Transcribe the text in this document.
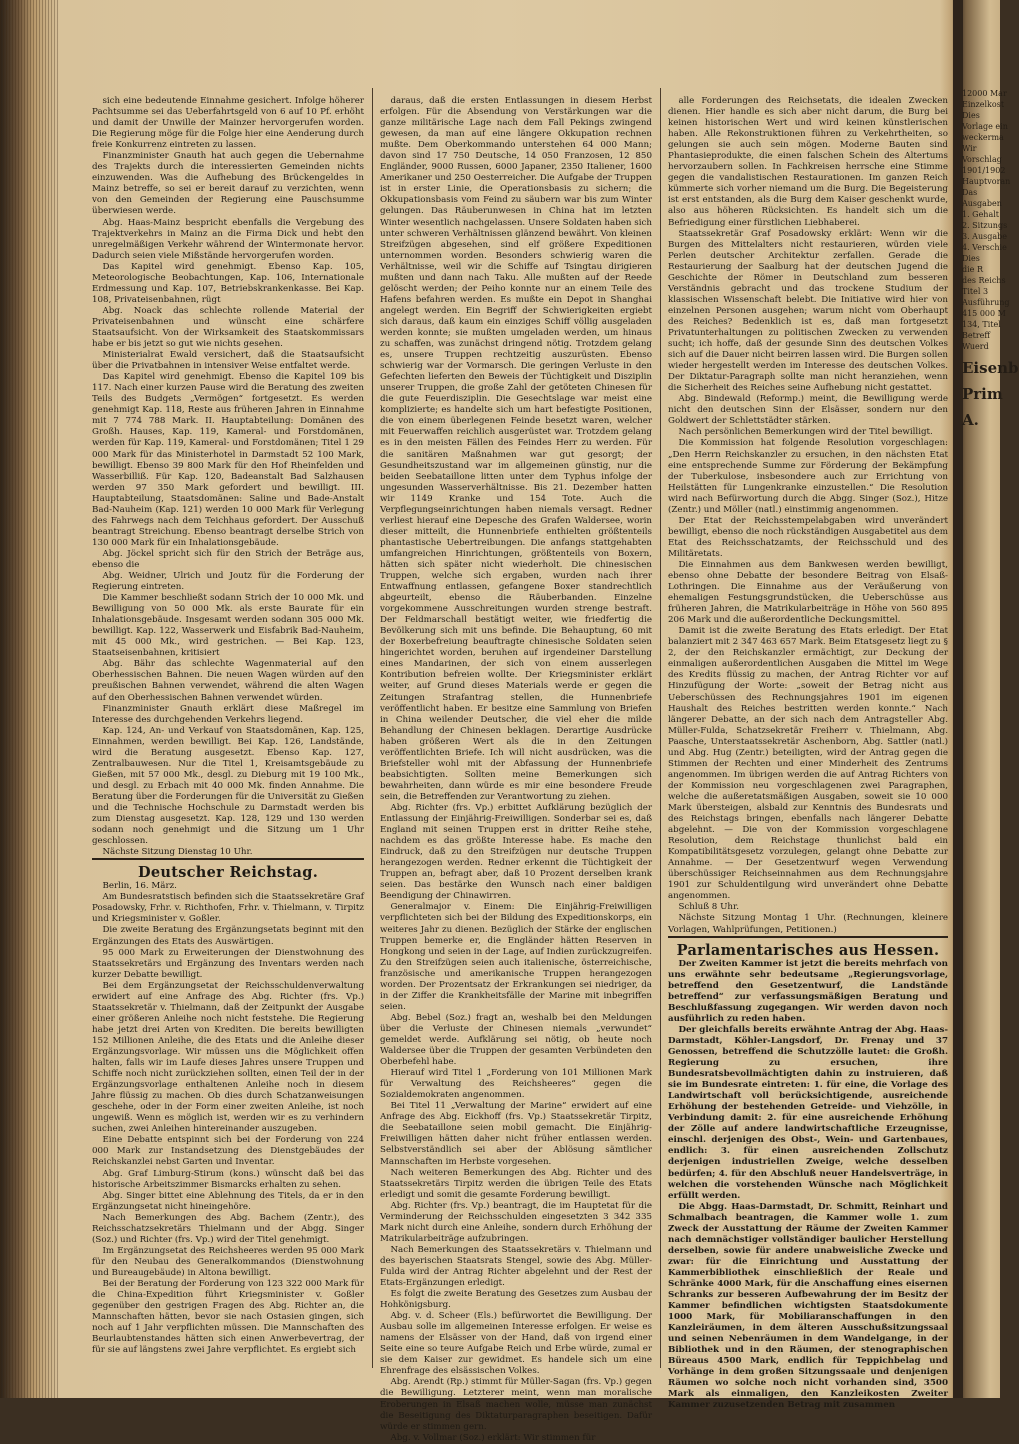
sich eine bedeutende Einnahme gesichert. Infolge höherer Pachtsumme sei das Ueberfahrtsgeld von 6 auf 10 Pf. erhöht und damit der Unwille der Mainzer hervorgerufen worden. Die Regierung möge für die Folge hier eine Aenderung durch freie Konkurrenz eintreten zu lassen.

Finanzminister Gnauth hat auch gegen die Uebernahme des Trajekts durch die interessierten Gemeinden nichts einzuwenden. Was die Aufhebung des Brückengeldes in Mainz betreffe, so sei er bereit darauf zu verzichten, wenn von den Gemeinden der Regierung eine Pauschsumme überwiesen werde.

Abg. Haas-Mainz bespricht ebenfalls die Vergebung des Trajektverkehrs in Mainz an die Firma Dick und hebt den unregelmäßigen Verkehr während der Wintermonate hervor. Dadurch seien viele Mißstände hervorgerufen worden.

Das Kapitel wird genehmigt. Ebenso Kap. 105, Meteorologische Beobachtungen, Kap. 106, Internationale Erdmessung und Kap. 107, Betriebskrankenkasse. Bei Kap. 108, Privateisenbahnen, rügt

Abg. Noack das schlechte rollende Material der Privateisenbahnen und wünscht eine schärfere Staatsaufsicht. Von der Wirksamkeit des Staatskommissars habe er bis jetzt so gut wie nichts gesehen.

Ministerialrat Ewald versichert, daß die Staatsaufsicht über die Privatbahnen in intensiver Weise entfaltet werde.

Das Kapitel wird genehmigt. Ebenso die Kapitel 109 bis 117. Nach einer kurzen Pause wird die Beratung des zweiten Teils des Budgets „Vermögen“ fortgesetzt. Es werden genehmigt Kap. 118, Reste aus früheren Jahren in Einnahme mit 7 774 788 Mark. II. Hauptabteilung: Domänen des Großh. Hauses, Kap. 119, Kameral- und Forstdomänen, werden für Kap. 119, Kameral- und Forstdomänen; Titel 1 29 000 Mark für das Ministerhotel in Darmstadt 52 100 Mark, bewilligt. Ebenso 39 800 Mark für den Hof Rheinfelden und Wasserbilliß. Für Kap. 120, Badeanstalt Bad Salzhausen werden 97 350 Mark gefordert und bewilligt. III. Hauptabteilung, Staatsdomänen: Saline und Bade-Anstalt Bad-Nauheim (Kap. 121) werden 10 000 Mark für Verlegung des Fahrwegs nach dem Teichhaus gefordert. Der Ausschuß beantragt Streichung. Ebenso beantragt derselbe Strich von 130 000 Mark für ein Inhalationsgebäude.

Abg. Jöckel spricht sich für den Strich der Beträge aus, ebenso die

Abg. Weidner, Ulrich und Joutz für die Forderung der Regierung eintreten.

Die Kammer beschließt sodann Strich der 10 000 Mk. und Bewilligung von 50 000 Mk. als erste Baurate für ein Inhalationsgebäude. Insgesamt werden sodann 305 000 Mk. bewilligt. Kap. 122, Wasserwerk und Eisfabrik Bad-Nauheim, mit 45 000 Mk., wird gestrichen. — Bei Kap. 123, Staatseisenbahnen, kritisiert

Abg. Bähr das schlechte Wagenmaterial auf den Oberhessischen Bahnen. Die neuen Wagen würden auf den preußischen Bahnen verwendet, während die alten Wagen auf den Oberhessischen Bahnen verwendet würden.

Finanzminister Gnauth erklärt diese Maßregel im Interesse des durchgehenden Verkehrs liegend.

Kap. 124, An- und Verkauf von Staatsdomänen, Kap. 125, Einnahmen, werden bewilligt. Bei Kap. 126, Landstände, wird die Beratung ausgesetzt. Ebenso Kap. 127, Zentralbauwesen. Nur die Titel 1, Kreisamtsgebäude zu Gießen, mit 57 000 Mk., desgl. zu Dieburg mit 19 100 Mk., und desgl. zu Erbach mit 40 000 Mk. finden Annahme. Die Beratung über die Forderungen für die Universität zu Gießen und die Technische Hochschule zu Darmstadt werden bis zum Dienstag ausgesetzt. Kap. 128, 129 und 130 werden sodann noch genehmigt und die Sitzung um 1 Uhr geschlossen.

Nächste Sitzung Dienstag 10 Uhr.

Deutscher Reichstag.

Berlin, 16. März.

Am Bundesratstisch befinden sich die Staatssekretäre Graf Posadowsky, Frhr. v. Richthofen, Frhr. v. Thielmann, v. Tirpitz und Kriegsminister v. Goßler.

Die zweite Beratung des Ergänzungsetats beginnt mit den Ergänzungen des Etats des Auswärtigen.

95 000 Mark zu Erweiterungen der Dienstwohnung des Staatssekretärs und Ergänzung des Inventars werden nach kurzer Debatte bewilligt.

Bei dem Ergänzungsetat der Reichsschuldenverwaltung erwidert auf eine Anfrage des Abg. Richter (frs. Vp.) Staatssekretär v. Thielmann, daß der Zeitpunkt der Ausgabe einer größeren Anleihe noch nicht feststehe. Die Regierung habe jetzt drei Arten von Krediten. Die bereits bewilligten 152 Millionen Anleihe, die des Etats und die Anleihe dieser Ergänzungsvorlage. Wir müssen uns die Möglichkeit offen halten, falls wir im Laufe dieses Jahres unsere Truppen und Schiffe noch nicht zurückziehen sollten, einen Teil der in der Ergänzungsvorlage enthaltenen Anleihe noch in diesem Jahre flüssig zu machen. Ob dies durch Schatzanweisungen geschehe, oder in der Form einer zweiten Anleihe, ist noch ungewiß. Wenn es möglich ist, werden wir es zu verhindern suchen, zwei Anleihen hintereinander auszugeben.

Eine Debatte entspinnt sich bei der Forderung von 224 000 Mark zur Instandsetzung des Dienstgebäudes der Reichskanzlei nebst Garten und Inventar.

Abg. Graf Limburg-Stirum (kons.) wünscht daß bei das historische Arbeitszimmer Bismarcks erhalten zu sehen.

Abg. Singer bittet eine Ablehnung des Titels, da er in den Ergänzungsetat nicht hineingehöre.

Nach Bemerkungen des Abg. Bachem (Zentr.), des Reichsschatzsekretärs Thielmann und der Abgg. Singer (Soz.) und Richter (frs. Vp.) wird der Titel genehmigt.

Im Ergänzungsetat des Reichsheeres werden 95 000 Mark für den Neubau des Generalkommandos (Dienstwohnung und Bureaugebäude) in Altona bewilligt.

Bei der Beratung der Forderung von 123 322 000 Mark für die China-Expedition führt Kriegsminister v. Goßler gegenüber den gestrigen Fragen des Abg. Richter an, die Mannschaften hätten, bevor sie nach Ostasien gingen, sich noch auf 1 Jahr verpflichten müssen. Die Mannschaften des Beurlaubtenstandes hätten sich einen Anwerbevertrag, der für sie auf längstens zwei Jahre verpflichtet. Es ergiebt sich

daraus, daß die ersten Entlassungen in diesem Herbst erfolgen. Für die Absendung von Verstärkungen war die ganze militärische Lage nach dem Fall Pekings zwingend gewesen, da man auf eine längere Okkupation rechnen mußte. Dem Oberkommando unterstehen 64 000 Mann; davon sind 17 750 Deutsche, 14 050 Franzosen, 12 850 Engländer, 9000 Russen, 6000 Japaner, 2350 Italiener, 1600 Amerikaner und 250 Oesterreicher. Die Aufgabe der Truppen ist in erster Linie, die Operationsbasis zu sichern; die Okkupationsbasis vom Feind zu säubern war bis zum Winter gelungen. Das Räuberunwesen in China hat im letzten Winter wesentlich nachgelassen. Unsere Soldaten haben sich unter schweren Verhältnissen glänzend bewährt. Von kleinen Streifzügen abgesehen, sind elf größere Expeditionen unternommen worden. Besonders schwierig waren die Verhältnisse, weil wir die Schiffe auf Tsingtau dirigieren mußten und dann nach Taku. Alle mußten auf der Reede gelöscht werden; der Peiho konnte nur an einem Teile des Hafens befahren werden. Es mußte ein Depot in Shanghai angelegt werden. Ein Begriff der Schwierigkeiten ergiebt sich daraus, daß kaum ein einziges Schiff völlig ausgeladen werden konnte; sie mußten umgeladen werden, um hinaus zu schaffen, was zunächst dringend nötig. Trotzdem gelang es, unsere Truppen rechtzeitig auszurüsten. Ebenso schwierig war der Vormarsch. Die geringen Verluste in den Gefechten lieferten den Beweis der Tüchtigkeit und Disziplin unserer Truppen, die große Zahl der getöteten Chinesen für die gute Feuerdisziplin. Die Gesechtslage war meist eine komplizierte; es handelte sich um hart befestigte Positionen, die von einem überlegenen Feinde besetzt waren, welcher mit Feuerwaffen reichlich ausgerüstet war. Trotzdem gelang es in den meisten Fällen des Feindes Herr zu werden. Für die sanitären Maßnahmen war gut gesorgt; der Gesundheitszustand war im allgemeinen günstig, nur die beiden Seebataillone litten unter dem Typhus infolge der ungesunden Wasserverhältnisse. Bis 21. Dezember hatten wir 1149 Kranke und 154 Tote. Auch die Verpflegungseinrichtungen haben niemals versagt. Redner verliest hierauf eine Depesche des Grafen Waldersee, worin dieser mitteilt, die Hunnenbriefe enthielten größtenteils phantastische Uebertreibungen. Die anfangs stattgehabten umfangreichen Hinrichtungen, größtenteils von Boxern, hätten sich später nicht wiederholt. Die chinesischen Truppen, welche sich ergaben, wurden nach ihrer Entwaffnung entlassen, gefangene Boxer standrechtlich abgeurteilt, ebenso die Räuberbanden. Einzelne vorgekommene Ausschreitungen wurden strenge bestraft. Der Feldmarschall bestätigt weiter, wie friedfertig die Bevölkerung sich mit uns befinde. Die Behauptung, 60 mit der Boxerbefreiung beauftragte chinesische Soldaten seien hingerichtet worden, beruhen auf irgendeiner Darstellung eines Mandarinen, der sich von einem ausserlegen Kontribution befreien wollte. Der Kriegsminister erklärt weiter, auf Grund dieses Materials werde er gegen die Zeitungen Strafantrag stellen, die Hunnenbriefe veröffentlicht haben. Er besitze eine Sammlung von Briefen in China weilender Deutscher, die viel eher die milde Behandlung der Chinesen beklagen. Derartige Ausdrücke haben größeren Wert als die in den Zeitungen veröffentlichten Briefe. Ich will nicht ausdrücken, was die Briefsteller wohl mit der Abfassung der Hunnenbriefe beabsichtigten. Sollten meine Bemerkungen sich bewahrheiten, dann würde es mir eine besondere Freude sein, die Betreffenden zur Verantwortung zu ziehen.

Abg. Richter (frs. Vp.) erbittet Aufklärung bezüglich der Entlassung der Einjährig-Freiwilligen. Sonderbar sei es, daß England mit seinen Truppen erst in dritter Reihe stehe, nachdem es das größte Interesse habe. Es mache den Eindruck, daß zu den Streifzügen nur deutsche Truppen herangezogen werden. Redner erkennt die Tüchtigkeit der Truppen an, befragt aber, daß 10 Prozent derselben krank seien. Das bestärke den Wunsch nach einer baldigen Beendigung der Chinawirren.

Generalmajor v. Einem: Die Einjährig-Freiwilligen verpflichteten sich bei der Bildung des Expeditionskorps, ein weiteres Jahr zu dienen. Bezüglich der Stärke der englischen Truppen bemerke er, die Engländer hätten Reserven in Hongkong und seien in der Lage, auf Indien zurückzugreifen. Zu den Streifzügen seien auch italienische, österreichische, französische und amerikanische Truppen herangezogen worden. Der Prozentsatz der Erkrankungen sei niedriger, da in der Ziffer die Krankheitsfälle der Marine mit inbegriffen seien.

Abg. Bebel (Soz.) fragt an, weshalb bei den Meldungen über die Verluste der Chinesen niemals „verwundet“ gemeldet werde. Aufklärung sei nötig, ob heute noch Waldersee über die Truppen der gesamten Verbündeten den Oberbefehl habe.

Hierauf wird Titel 1 „Forderung von 101 Millionen Mark für Verwaltung des Reichsheeres“ gegen die Sozialdemokraten angenommen.

Bei Titel 11 „Verwaltung der Marine“ erwidert auf eine Anfrage des Abg. Eickhoff (frs. Vp.) Staatssekretär Tirpitz, die Seebataillone seien mobil gemacht. Die Einjährig-Freiwilligen hätten daher nicht früher entlassen werden. Selbstverständlich sei aber der Ablösung sämtlicher Mannschaften im Herbste vorgesehen.

Nach weiteren Bemerkungen des Abg. Richter und des Staatssekretärs Tirpitz werden die übrigen Teile des Etats erledigt und somit die gesamte Forderung bewilligt.

Abg. Richter (frs. Vp.) beantragt, die im Hauptetat für die Verminderung der Reichsschulden eingesetzten 3 342 335 Mark nicht durch eine Anleihe, sondern durch Erhöhung der Matrikularbeiträge aufzubringen.

Nach Bemerkungen des Staatssekretärs v. Thielmann und des bayerischen Staatsrats Stengel, sowie des Abg. Müller-Fulda wird der Antrag Richter abgelehnt und der Rest der Etats-Ergänzungen erledigt.

Es folgt die zweite Beratung des Gesetzes zum Ausbau der Hohkönigsburg.

Abg. v. d. Scheer (Els.) befürwortet die Bewilligung. Der Ausbau solle im allgemeinen Interesse erfolgen. Er weise es namens der Elsässer von der Hand, daß von irgend einer Seite eine so teure Aufgabe Reich und Erbe würde, zumal er sie dem Kaiser zur gewidmet. Es handele sich um eine Ehrenfrage des elsässischen Volkes.

Abg. Arendt (Rp.) stimmt für Müller-Sagan (frs. Vp.) gegen die Bewilligung. Letzterer meint, wenn man moralische Eroberungen in Elsaß machen wolle, müsse man zunächst die Beseitigung des Diktaturparagraphen beseitigen. Dafür würde er stimmen gern.

Abg. v. Vollmar (Soz.) erklärt: Wir stimmen für

alle Forderungen des Reichsetats, die idealen Zwecken dienen. Hier handle es sich aber nicht darum, die Burg bei keinen historischen Wert und wird keinen künstlerischen haben. Alle Rekonstruktionen führen zu Verkehrtheiten, so gelungen sie auch sein mögen. Moderne Bauten sind Phantasieprodukte, die einen falschen Schein des Altertums hervorzaubern sollen. In Fachkreisen herrsche eine Stimme gegen die vandalistischen Restaurationen. Im ganzen Reich kümmerte sich vorher niemand um die Burg. Die Begeisterung ist erst entstanden, als die Burg dem Kaiser geschenkt wurde, also aus höheren Rücksichten. Es handelt sich um die Befriedigung einer fürstlichen Liebhaberei.

Staatssekretär Graf Posadowsky erklärt: Wenn wir die Burgen des Mittelalters nicht restaurieren, würden viele Perlen deutscher Architektur zerfallen. Gerade die Restaurierung der Saalburg hat der deutschen Jugend die Geschichte der Römer in Deutschland zum besseren Verständnis gebracht und das trockene Studium der klassischen Wissenschaft belebt. Die Initiative wird hier von einzelnen Personen ausgehen; warum nicht vom Oberhaupt des Reiches? Bedenklich ist es, daß man fortgesetzt Privatunterhaltungen zu politischen Zwecken zu verwenden sucht; ich hoffe, daß der gesunde Sinn des deutschen Volkes sich auf die Dauer nicht beirren lassen wird. Die Burgen sollen wieder hergestellt werden im Interesse des deutschen Volkes. Der Diktatur-Paragraph sollte man nicht heranziehen, wenn die Sicherheit des Reiches seine Aufhebung nicht gestattet.

Abg. Bindewald (Reformp.) meint, die Bewilligung werde nicht den deutschen Sinn der Elsässer, sondern nur den Goldwert der Schlettstädter stärken.

Nach persönlichen Bemerkungen wird der Titel bewilligt.

Die Kommission hat folgende Resolution vorgeschlagen: „Den Herrn Reichskanzler zu ersuchen, in den nächsten Etat eine entsprechende Summe zur Förderung der Bekämpfung der Tuberkulose, insbesondere auch zur Errichtung von Heilstätten für Lungenkranke einzustellen.“ Die Resolution wird nach Befürwortung durch die Abgg. Singer (Soz.), Hitze (Zentr.) und Möller (natl.) einstimmig angenommen.

Der Etat der Reichsstempelabgaben wird unverändert bewilligt, ebenso die noch rückständigen Ausgabetitel aus dem Etat des Reichsschatzamts, der Reichsschuld und des Militäretats.

Die Einnahmen aus dem Bankwesen werden bewilligt, ebenso ohne Debatte der besondere Beitrag von Elsaß-Lothringen. Die Einnahme aus der Veräußerung von ehemaligen Festungsgrundstücken, die Ueberschüsse aus früheren Jahren, die Matrikularbeiträge in Höhe von 560 895 206 Mark und die außerordentliche Deckungsmittel.

Damit ist die zweite Beratung des Etats erledigt. Der Etat balanziert mit 2 347 463 657 Mark. Beim Etatsgesetz liegt zu § 2, der den Reichskanzler ermächtigt, zur Deckung der einmaligen außerordentlichen Ausgaben die Mittel im Wege des Kredits flüssig zu machen, der Antrag Richter vor auf Hinzufügung der Worte: „soweit der Betrag nicht aus Ueberschüssen des Rechnungsjahres 1901 im eigenen Haushalt des Reiches bestritten werden konnte.“ Nach längerer Debatte, an der sich nach dem Antragsteller Abg. Müller-Fulda, Schatzsekretär Freiherr v. Thielmann, Abg. Paasche, Unterstaatssekretär Aschenborn, Abg. Sattler (natl.) und Abg. Hug (Zentr.) beteiligten, wird der Antrag gegen die Stimmen der Rechten und einer Minderheit des Zentrums angenommen. Im übrigen werden die auf Antrag Richters von der Kommission neu vorgeschlagenen zwei Paragraphen, welche die außeretatsmäßigen Ausgaben, soweit sie 10 000 Mark übersteigen, alsbald zur Kenntnis des Bundesrats und des Reichstags bringen, ebenfalls nach längerer Debatte abgelehnt. — Die von der Kommission vorgeschlagene Resolution, dem Reichstage thunlichst bald ein Kompatibilitätsgesetz vorzulegen, gelangt ohne Debatte zur Annahme. — Der Gesetzentwurf wegen Verwendung überschüssiger Reichseinnahmen aus dem Rechnungsjahre 1901 zur Schuldentilgung wird unverändert ohne Debatte angenommen.

Schluß 8 Uhr.

Nächste Sitzung Montag 1 Uhr. (Rechnungen, kleinere Vorlagen, Wahlprüfungen, Petitionen.)

Parlamentarisches aus Hessen.

Der Zweiten Kammer ist jetzt die bereits mehrfach von uns erwähnte sehr bedeutsame „Regierungsvorlage, betreffend den Gesetzentwurf, die Landstände betreffend“ zur verfassungsmäßigen Beratung und Beschlußfassung zugegangen. Wir werden davon noch ausführlich zu reden haben.

Der gleichfalls bereits erwähnte Antrag der Abg. Haas-Darmstadt, Köhler-Langsdorf, Dr. Frenay und 37 Genossen, betreffend die Schutzzölle lautet: die Großh. Regierung zu ersuchen, ihre Bundesratsbevollmächtigten dahin zu instruieren, daß sie im Bundesrate eintreten: 1. für eine, die Vorlage des Landwirtschaft voll berücksichtigende, ausreichende Erhöhung der bestehenden Getreide- und Viehzölle, in Verbindung damit: 2. für eine ausreichende Erhöhung der Zölle auf andere landwirtschaftliche Erzeugnisse, einschl. derjenigen des Obst-, Wein- und Gartenbaues, endlich: 3. für einen ausreichenden Zollschutz derjenigen industriellen Zweige, welche desselben bedürfen; 4. für den Abschluß neuer Handelsverträge, in welchen die vorstehenden Wünsche nach Möglichkeit erfüllt werden.

Die Abgg. Haas-Darmstadt, Dr. Schmitt, Reinhart und Schmalbach beantragen, die Kammer wolle 1. zum Zweck der Ausstattung der Räume der Zweiten Kammer nach demnächstiger vollständiger baulicher Herstellung derselben, sowie für andere unabweisliche Zwecke und zwar: für die Einrichtung und Ausstattung der Kammerbibliothek einschließlich der Reale und Schränke 4000 Mark, für die Anschaffung eines eisernen Schranks zur besseren Aufbewahrung der im Besitz der Kammer befindlichen wichtigsten Staatsdokumente 1000 Mark, für Mobiliaranschaffungen in den Kanzleiräumen, in dem älteren Ausschußsitzungssaal und seinen Nebenräumen in dem Wandelgange, in der Bibliothek und in den Räumen, der stenographischen Büreaus 4500 Mark, endlich für Teppichbelag und Vorhänge in dem großen Sitzungssaale und denjenigen Räumen wo solche noch nicht vorhanden sind, 3500 Mark als einmaligen, den Kanzleikosten Zweiter Kammer zuzusetzenden Betrag mit zusammen

12000 Mar
Einzelkost
Dies
Vorlage ein
weckerma
Wir
Vorschlag
1901/1902
Hauptvoran
Das
Ausgaben
1. Gehalt
2. Sitzungs
3. Ausgabe
4. Verschie
Dies
die R
des Reichs
Titel 3
Ausführung
415 000 M
134, Titel
Betreff
Wuerd
Eisenb
Prim
A.
